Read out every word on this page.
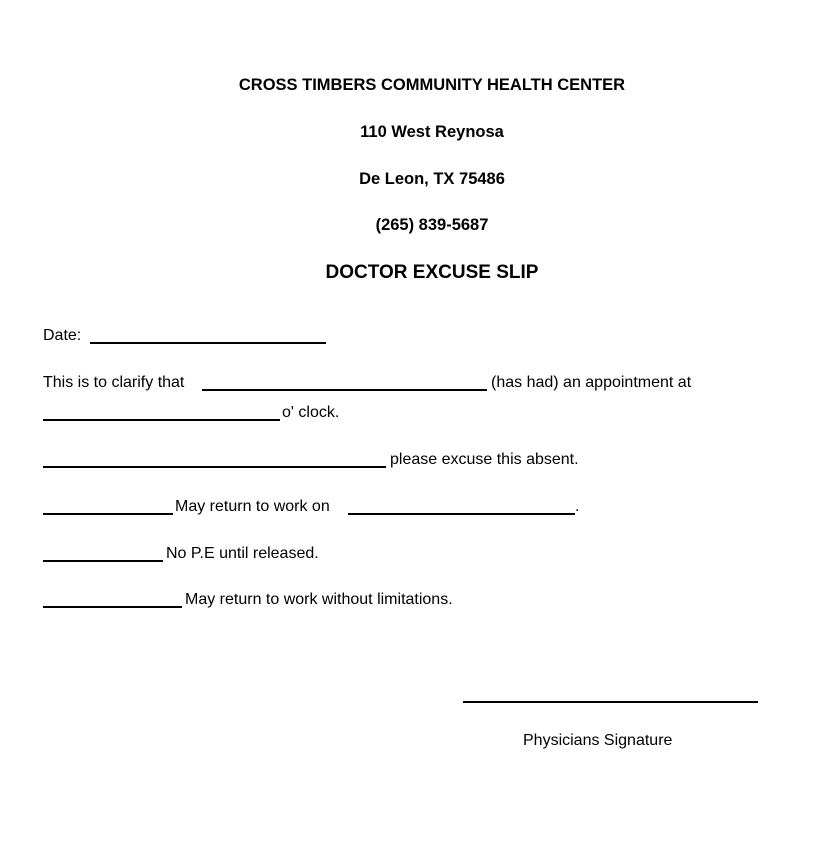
CROSS TIMBERS COMMUNITY HEALTH CENTER
110 West Reynosa
De Leon, TX 75486
(265) 839-5687
DOCTOR EXCUSE SLIP
Date:
This is to clarify that	(has had) an appointment at
o' clock.
please excuse this absent.
May return to work on	.
No P.E until released.
May return to work without limitations.
Physicians Signature
